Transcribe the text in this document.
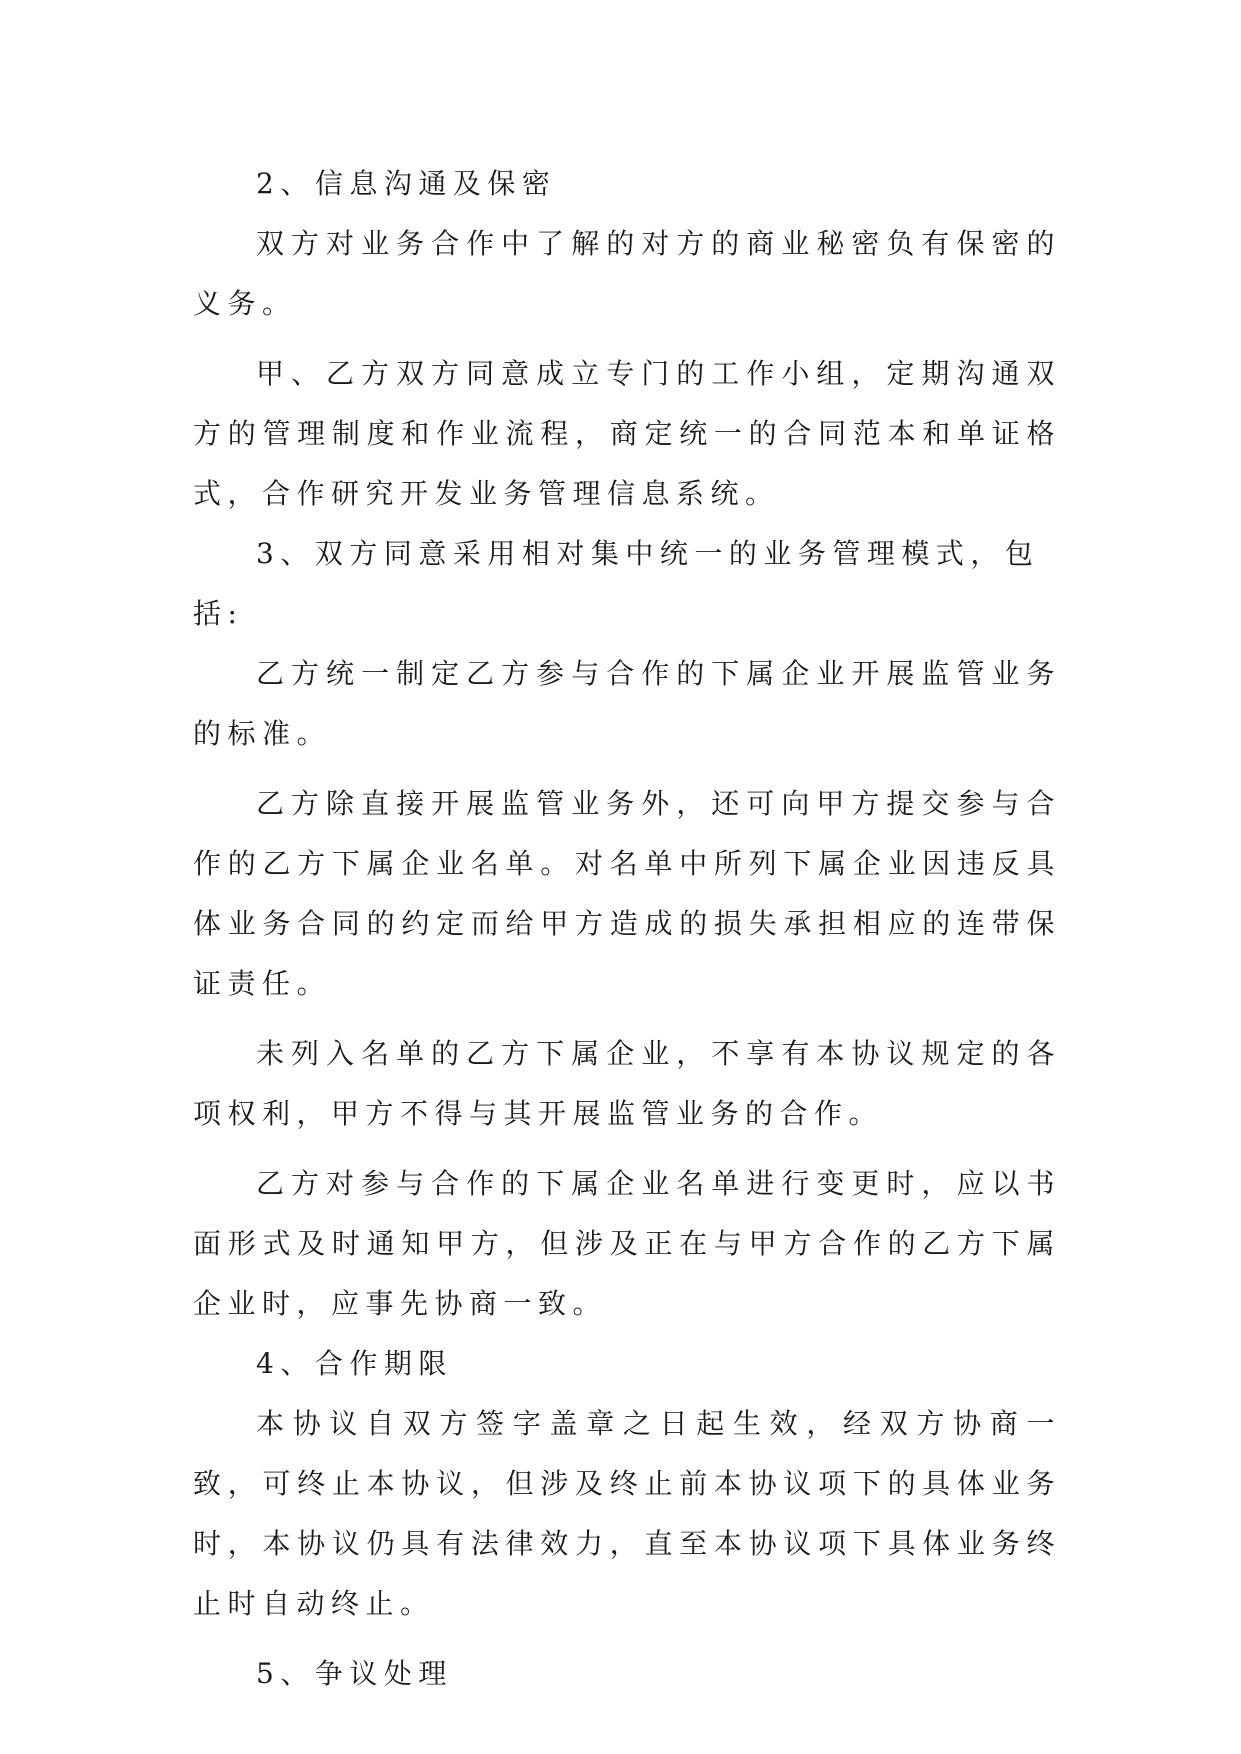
2、信息沟通及保密

双方对业务合作中了解的对方的商业秘密负有保密的义务。

甲、乙方双方同意成立专门的工作小组，定期沟通双方的管理制度和作业流程，商定统一的合同范本和单证格式，合作研究开发业务管理信息系统。

3、双方同意采用相对集中统一的业务管理模式，包括:

乙方统一制定乙方参与合作的下属企业开展监管业务的标准。

乙方除直接开展监管业务外，还可向甲方提交参与合作的乙方下属企业名单。对名单中所列下属企业因违反具体业务合同的约定而给甲方造成的损失承担相应的连带保证责任。

未列入名单的乙方下属企业，不享有本协议规定的各项权利，甲方不得与其开展监管业务的合作。

乙方对参与合作的下属企业名单进行变更时，应以书面形式及时通知甲方，但涉及正在与甲方合作的乙方下属企业时，应事先协商一致。

4、合作期限

本协议自双方签字盖章之日起生效，经双方协商一致，可终止本协议，但涉及终止前本协议项下的具体业务时，本协议仍具有法律效力，直至本协议项下具体业务终止时自动终止。

5、争议处理
